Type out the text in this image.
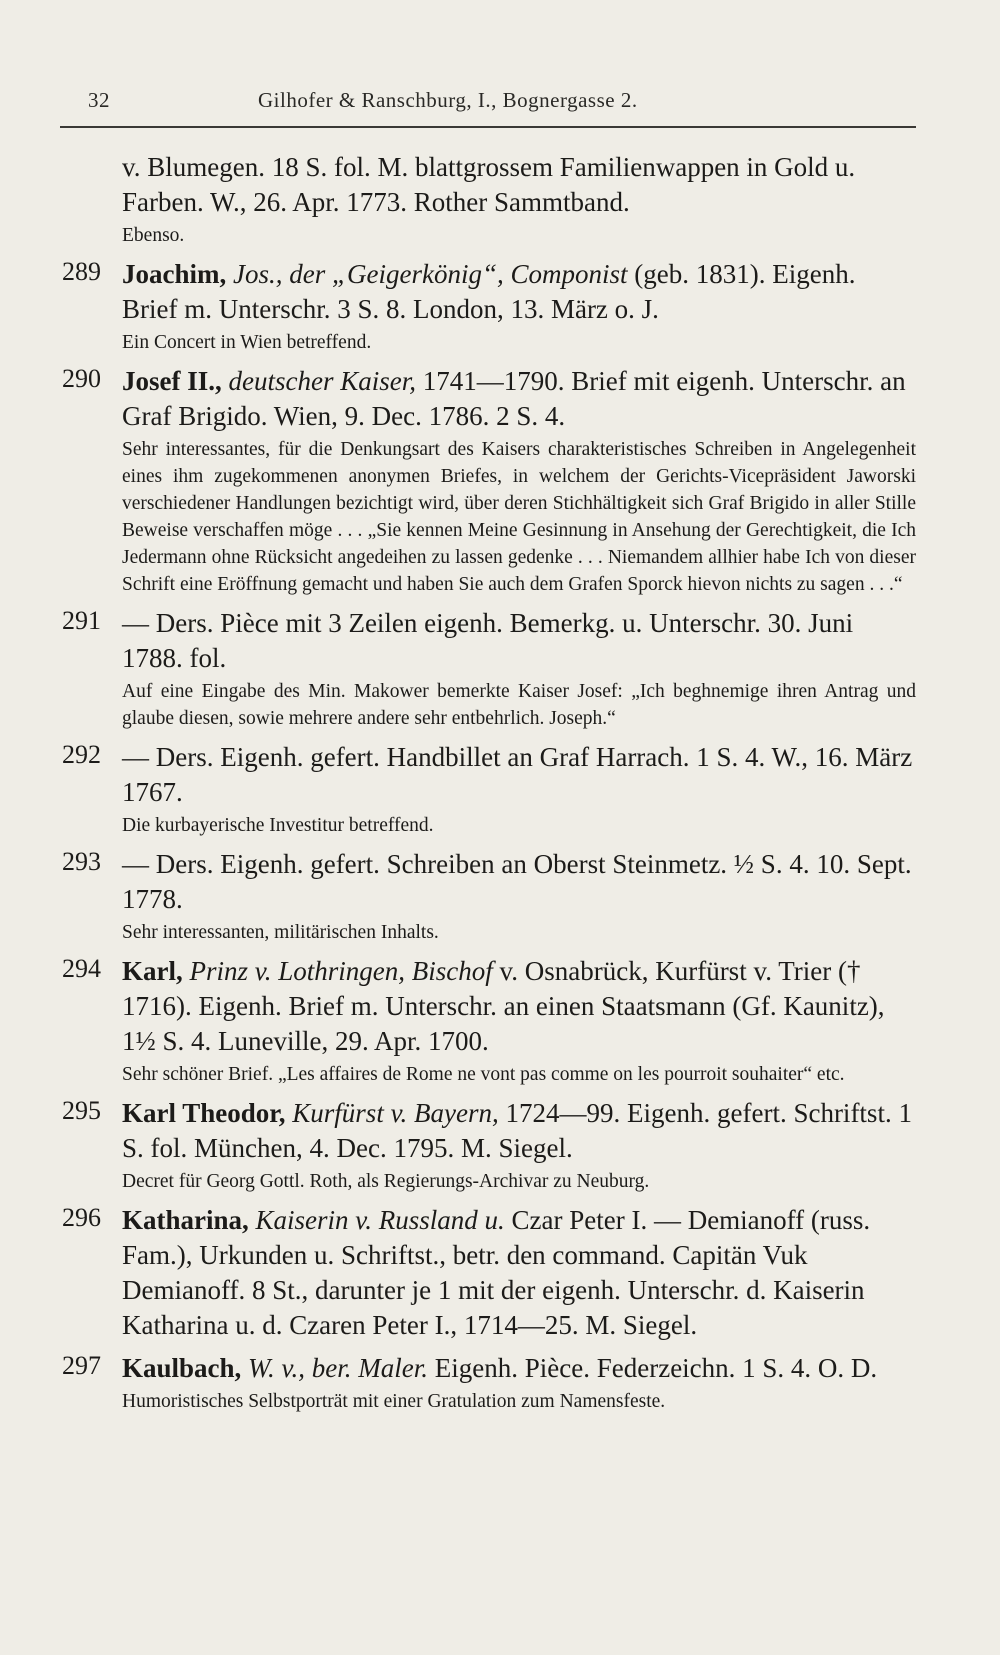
32	Gilhofer & Ranschburg, I., Bognergasse 2.
v. Blumegen. 18 S. fol. M. blattgrossem Familienwappen in Gold u. Farben. W., 26. Apr. 1773. Rother Sammtband.
Ebenso.
289 Joachim, Jos., der „Geigerkönig“, Componist (geb. 1831). Eigenh. Brief m. Unterschr. 3 S. 8. London, 13. März o. J.
Ein Concert in Wien betreffend.
290 Josef II., deutscher Kaiser, 1741—1790. Brief mit eigenh. Unterschr. an Graf Brigido. Wien, 9. Dec. 1786. 2 S. 4.
Sehr interessantes, für die Denkungsart des Kaisers charakteristisches Schreiben in Angelegenheit eines ihm zugekommenen anonymen Briefes, in welchem der Gerichts-Vicepräsident Jaworski verschiedener Handlungen bezichtigt wird, über deren Stichhältigkeit sich Graf Brigido in aller Stille Beweise verschaffen möge . . . „Sie kennen Meine Gesinnung in Ansehung der Gerechtigkeit, die Ich Jedermann ohne Rücksicht angedeihen zu lassen gedenke . . . Niemandem allhier habe Ich von dieser Schrift eine Eröffnung gemacht und haben Sie auch dem Grafen Sporck hievon nichts zu sagen . . .“
291 — Ders. Pièce mit 3 Zeilen eigenh. Bemerkg. u. Unterschr. 30. Juni 1788. fol.
Auf eine Eingabe des Min. Makower bemerkte Kaiser Josef: „Ich beghnemige ihren Antrag und glaube diesen, sowie mehrere andere sehr entbehrlich. Joseph.“
292 — Ders. Eigenh. gefert. Handbillet an Graf Harrach. 1 S. 4. W., 16. März 1767.
Die kurbayerische Investitur betreffend.
293 — Ders. Eigenh. gefert. Schreiben an Oberst Steinmetz. ½ S. 4. 10. Sept. 1778.
Sehr interessanten, militärischen Inhalts.
294 Karl, Prinz v. Lothringen, Bischof v. Osnabrück, Kurfürst v. Trier († 1716). Eigenh. Brief m. Unterschr. an einen Staatsmann (Gf. Kaunitz), 1½ S. 4. Luneville, 29. Apr. 1700.
Sehr schöner Brief. „Les affaires de Rome ne vont pas comme on les pourroit souhaiter“ etc.
295 Karl Theodor, Kurfürst v. Bayern, 1724—99. Eigenh. gefert. Schriftst. 1 S. fol. München, 4. Dec. 1795. M. Siegel.
Decret für Georg Gottl. Roth, als Regierungs-Archivar zu Neuburg.
296 Katharina, Kaiserin v. Russland u. Czar Peter I. — Demianoff (russ. Fam.), Urkunden u. Schriftst., betr. den command. Capitän Vuk Demianoff. 8 St., darunter je 1 mit der eigenh. Unterschr. d. Kaiserin Katharina u. d. Czaren Peter I., 1714—25. M. Siegel.
297 Kaulbach, W. v., ber. Maler. Eigenh. Pièce. Federzeichn. 1 S. 4. O. D.
Humoristisches Selbstporträt mit einer Gratulation zum Namensfeste.
